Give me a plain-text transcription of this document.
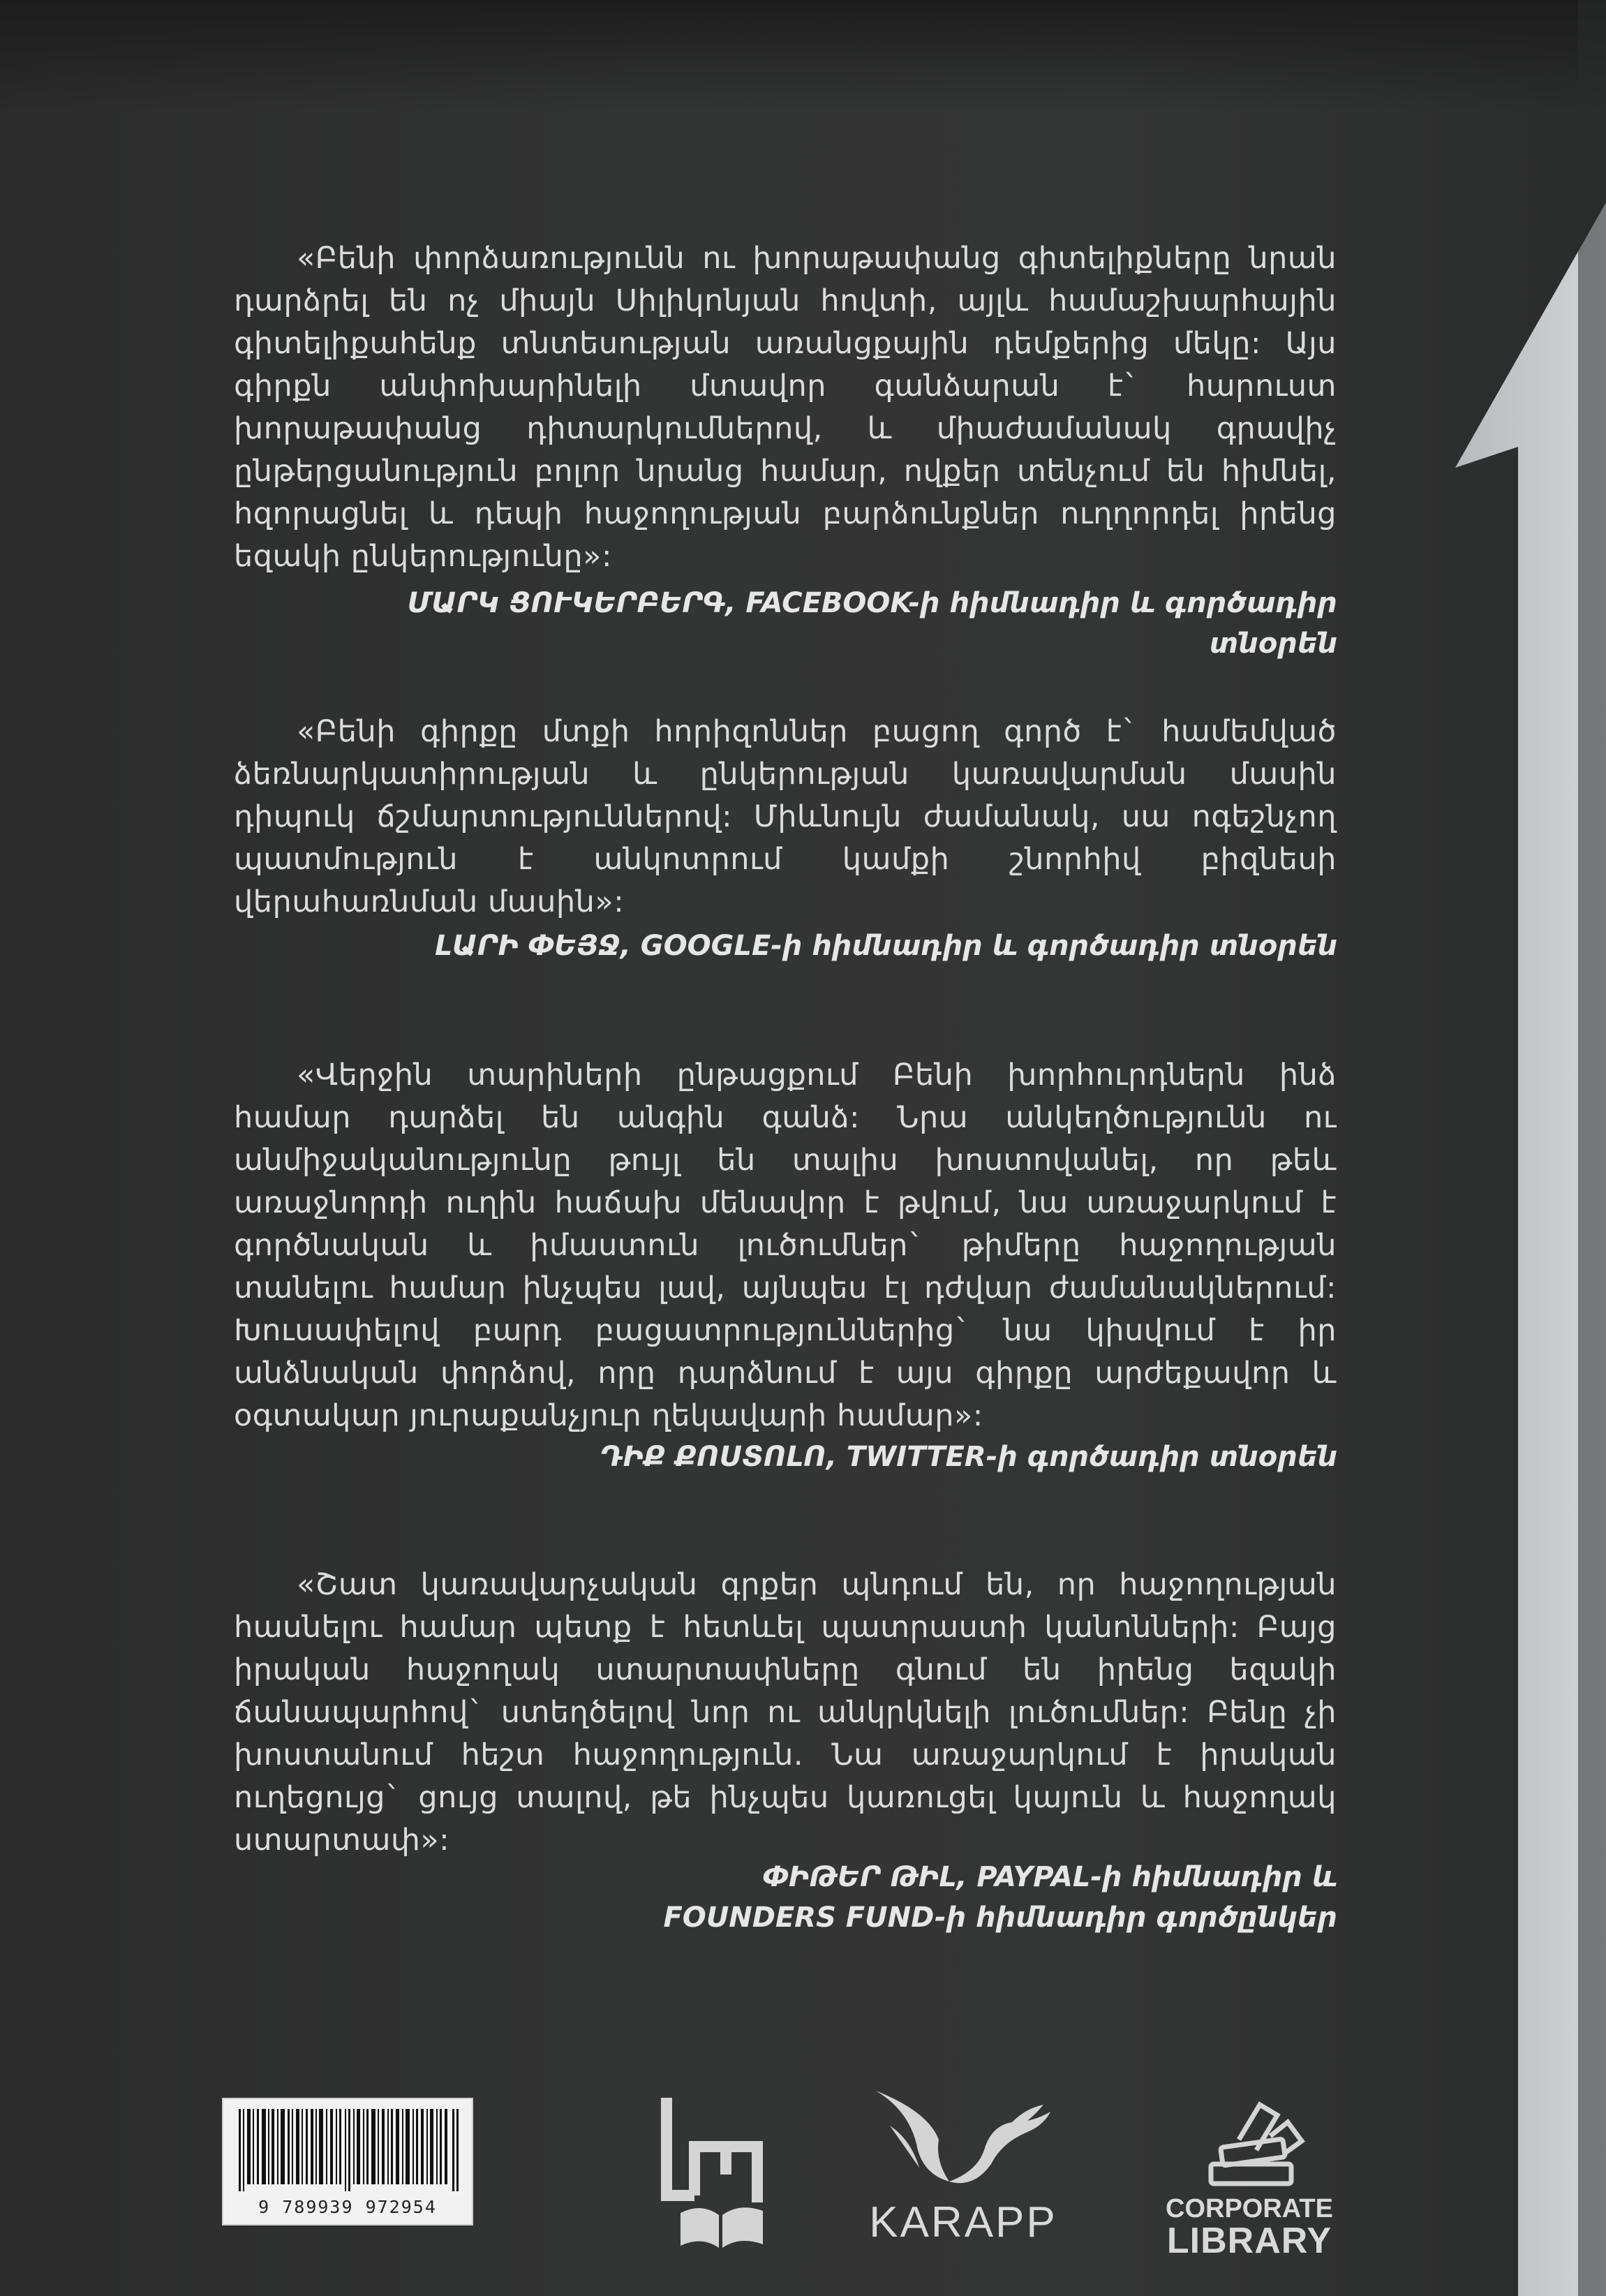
«Բենի փորձառությունն ու խորաթափանց գիտելիքները նրան դարձրել են ոչ միայն Սիլիկոնյան հովտի, այլև համաշխարհային գիտելիքահենք տնտեսության առանցքային դեմքերից մեկը: Այս գիրքն անփոխարինելի մտավոր գանձարան է` հարուստ խորաթափանց դիտարկումներով, և միաժամանակ գրավիչ ընթերցանություն բոլոր նրանց համար, ովքեր տենչում են հիմնել, հզորացնել և դեպի հաջողության բարձունքներ ուղղորդել իրենց եզակի ընկերությունը»:

ՄԱՐԿ ՑՈՒԿԵՐԲԵՐԳ, FACEBOOK-ի հիմնադիր և գործադիր տնօրեն

«Բենի գիրքը մտքի հորիզոններ բացող գործ է` համեմված ձեռնարկատիրության և ընկերության կառավարման մասին դիպուկ ճշմարտություններով: Միևնույն ժամանակ, սա ոգեշնչող պատմություն է անկոտրում կամքի շնորհիվ բիզնեսի վերահառնման մասին»:

ԼԱՐԻ ՓԵՅՋ, GOOGLE-ի հիմնադիր և գործադիր տնօրեն

«Վերջին տարիների ընթացքում Բենի խորհուրդներն ինձ համար դարձել են անգին գանձ: Նրա անկեղծությունն ու անմիջականությունը թույլ են տալիս խոստովանել, որ թեև առաջնորդի ուղին հաճախ մենավոր է թվում, նա առաջարկում է գործնական և իմաստուն լուծումներ` թիմերը հաջողության տանելու համար ինչպես լավ, այնպես էլ դժվար ժամանակներում: Խուսափելով բարդ բացատրություններից` նա կիսվում է իր անձնական փորձով, որը դարձնում է այս գիրքը արժեքավոր և օգտակար յուրաքանչյուր ղեկավարի համար»:

ԴԻՔ ՔՈՍՏՈԼՈ, TWITTER-ի գործադիր տնօրեն

«Շատ կառավարչական գրքեր պնդում են, որ հաջողության հասնելու համար պետք է հետևել պատրաստի կանոնների: Բայց իրական հաջողակ ստարտափները գնում են իրենց եզակի ճանապարհով` ստեղծելով նոր ու անկրկնելի լուծումներ: Բենը չի խոստանում հեշտ հաջողություն. Նա առաջարկում է իրական ուղեցույց` ցույց տալով, թե ինչպես կառուցել կայուն և հաջողակ ստարտափ»:

ՓԻԹԵՐ ԹԻԼ, PAYPAL-ի հիմնադիր և
FOUNDERS FUND-ի հիմնադիր գործընկեր
9 789939 972954	KARAPP	CORPORATE
LIBRARY
